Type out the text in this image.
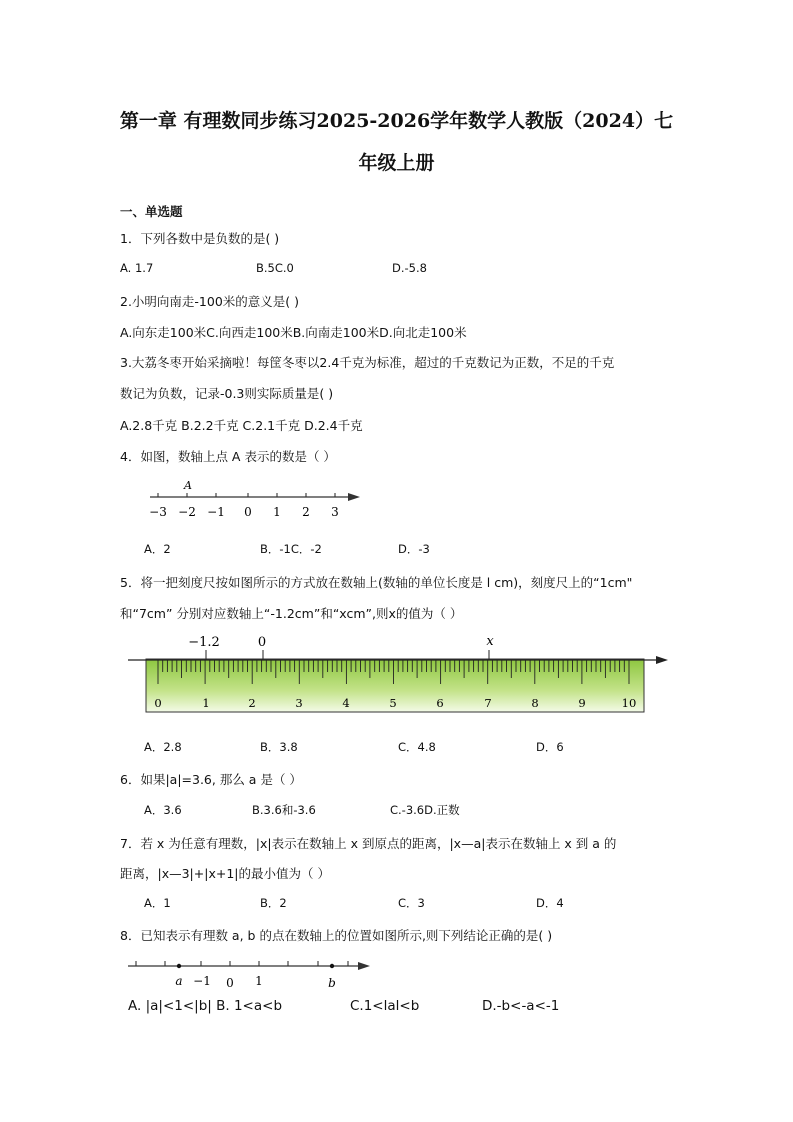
第一章 有理数同步练习2025-2026学年数学人教版（2024）七
年级上册
一、单选题
1．下列各数中是负数的是( )
A. 1.7	B.5C.0	D.-5.8
2.小明向南走-100米的意义是( )
A.向东走100米C.向西走100米B.向南走100米D.向北走100米
3.大荔冬枣开始采摘啦！每筐冬枣以2.4千克为标准，超过的千克数记为正数，不足的千克
数记为负数，记录-0.3则实际质量是( )
A.2.8千克 B.2.2千克 C.2.1千克 D.2.4千克
4．如图，数轴上点 A 表示的数是（ ）
A
−3 −2 −1 0 1 2 3
A．2	B．-1C．-2	D．-3
5．将一把刻度尺按如图所示的方式放在数轴上(数轴的单位长度是 l cm)，刻度尺上的“1cm"
和“7cm” 分别对应数轴上“-1.2cm”和“xcm”,则x的值为（ ）
−1.2	0	x
0	1	2	3	4	5	6	7	8	9	10
A．2.8	B．3.8	C．4.8	D．6
6．如果|a|=3.6, 那么 a 是（ ）
A．3.6	B.3.6和-3.6	C.-3.6D.正数
7．若 x 为任意有理数，|x|表示在数轴上 x 到原点的距离，|x—a|表示在数轴上 x 到 a 的
距离，|x—3|+|x+1|的最小值为（ ）
A．1	B．2	C．3	D．4
8．已知表示有理数 a, b 的点在数轴上的位置如图所示,则下列结论正确的是( )
a −1 0 1	b
A. |a|<1<|b| B. 1<a<b	C.1<lal<b	D.-b<-a<-1
